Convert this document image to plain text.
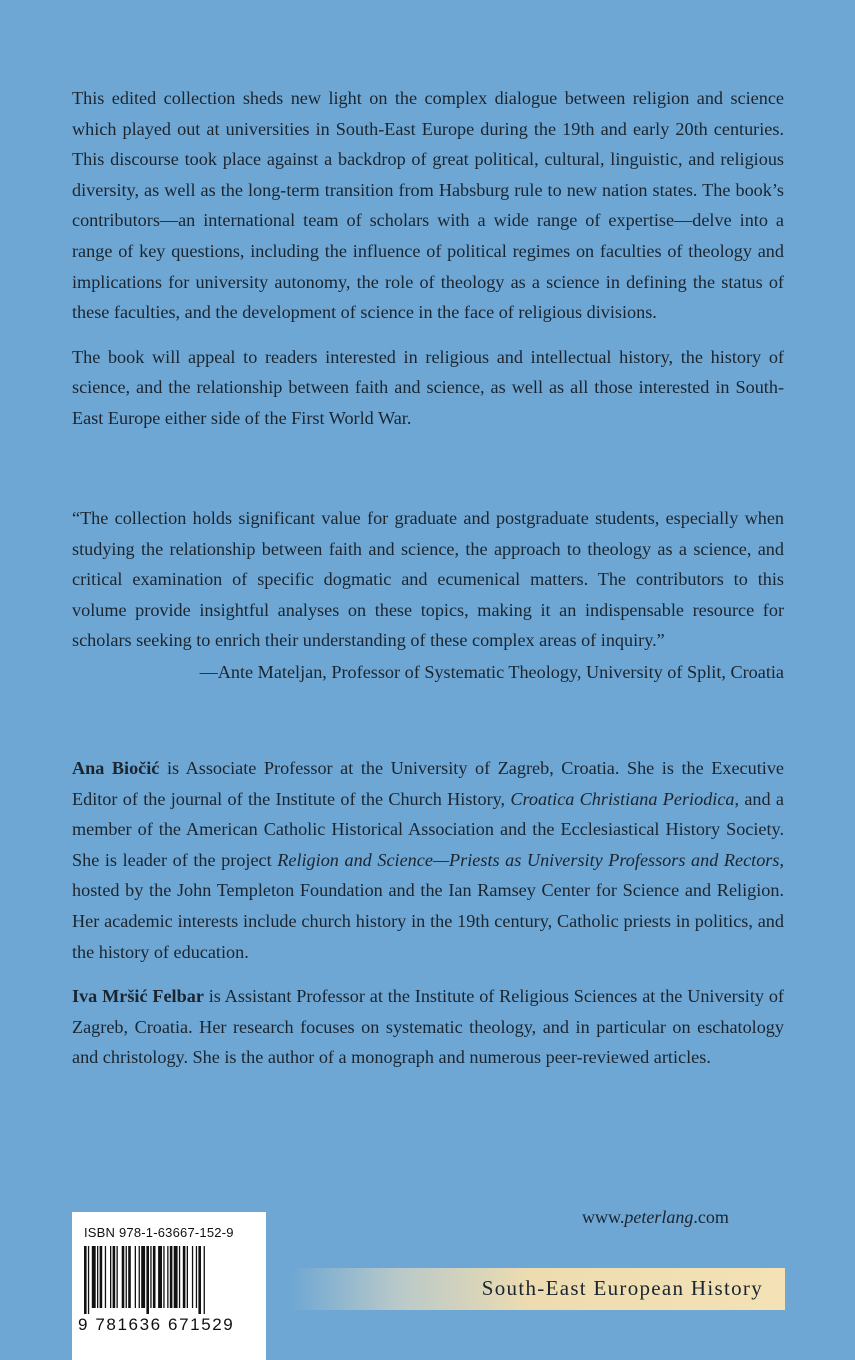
This edited collection sheds new light on the complex dialogue between religion and science which played out at universities in South-East Europe during the 19th and early 20th centuries. This discourse took place against a backdrop of great political, cultural, linguistic, and religious diversity, as well as the long-term transition from Habsburg rule to new nation states. The book’s contributors—an international team of scholars with a wide range of expertise—delve into a range of key questions, including the influence of political regimes on faculties of theology and implications for university autonomy, the role of theology as a science in defining the status of these faculties, and the development of science in the face of religious divisions.

The book will appeal to readers interested in religious and intellectual history, the history of science, and the relationship between faith and science, as well as all those interested in South-East Europe either side of the First World War.

“The collection holds significant value for graduate and postgraduate students, especially when studying the relationship between faith and science, the approach to theology as a science, and critical examination of specific dogmatic and ecumenical matters. The contributors to this volume provide insightful analyses on these topics, making it an indispensable resource for scholars seeking to enrich their understanding of these complex areas of inquiry.”

—Ante Mateljan, Professor of Systematic Theology, University of Split, Croatia

Ana Biočić is Associate Professor at the University of Zagreb, Croatia. She is the Executive Editor of the journal of the Institute of the Church History, Croatica Christiana Periodica, and a member of the American Catholic Historical Association and the Ecclesiastical History Society. She is leader of the project Religion and Science—Priests as University Professors and Rectors, hosted by the John Templeton Foundation and the Ian Ramsey Center for Science and Religion. Her academic interests include church history in the 19th century, Catholic priests in politics, and the history of education.

Iva Mršić Felbar is Assistant Professor at the Institute of Religious Sciences at the University of Zagreb, Croatia. Her research focuses on systematic theology, and in particular on eschatology and christology. She is the author of a monograph and numerous peer-reviewed articles.

ISBN 978-1-63667-152-9
9 781636 671529
www.peterlang.com
South-East European History
